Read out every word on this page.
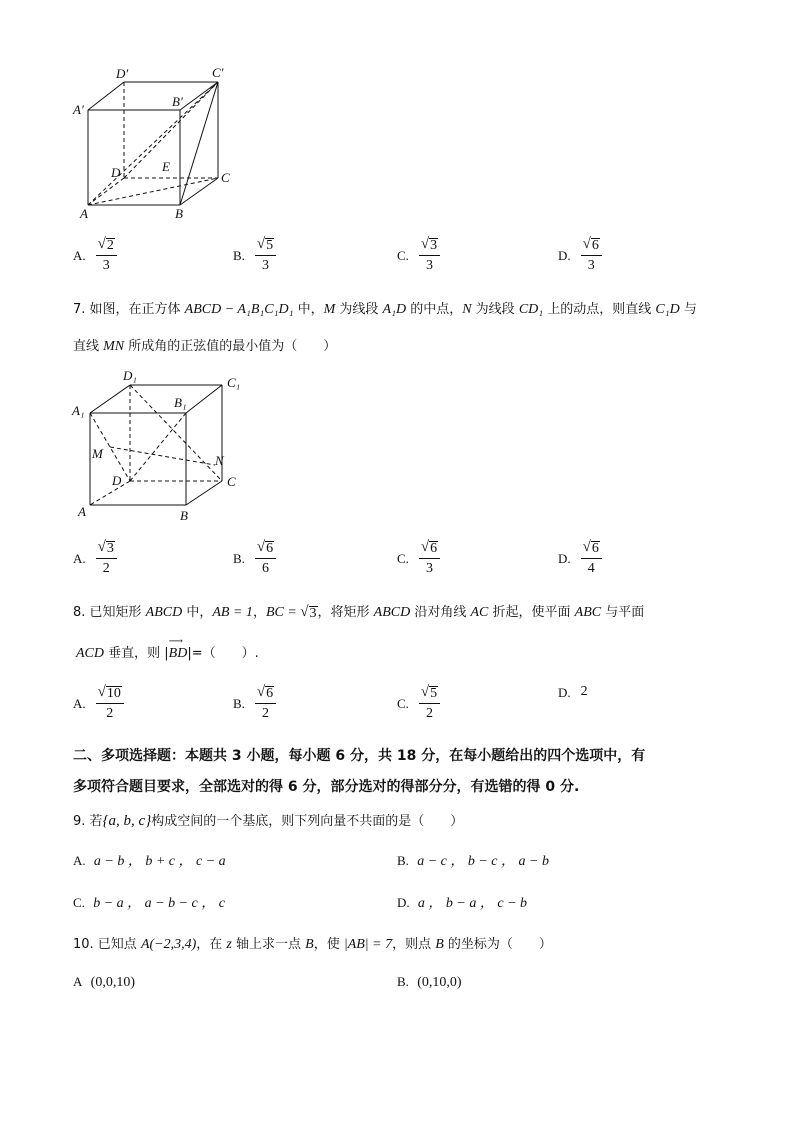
D′	C′
A′
B′
D	E
C
A	B
A. $\frac{√ 2}{3}$	B. $\frac{√ 5}{3}$	C. $\frac{√ 3}{3}$	D. $\frac{√ 6}{3}$
7. 如图，在正方体 ABCD − A₁B₁C₁D₁ 中，M 为线段 A₁D 的中点，N 为线段 CD₁ 上的动点，则直线 C₁D 与
直线 MN 所成角的正弦值的最小值为（　　）
D₁	C₁
A₁
B₁
M	N
D	C
A	B
A. $\frac{√ 3}{2}$	B. $\frac{√ 6}{6}$	C. $\frac{√ 6}{3}$	D. $\frac{√ 6}{4}$
8. 已知矩形 ABCD 中，AB = 1，BC = √ 3 ，将矩形 ABCD 沿对角线 AC 折起，使平面 ABC 与平面
ACD 垂直，则 |
⟶
BD|=（　　）.
A. $\frac{√ 10}{2}$	B. $\frac{√ 6}{2}$	C. $\frac{√ 5}{2}$	D. 2
二、多项选择题：本题共 3 小题，每小题 6 分，共 18 分，在每小题给出的四个选项中，有
多项符合题目要求，全部选对的得 6 分，部分选对的得部分分，有选错的得 0 分.
9. 若{a, b, c}构成空间的一个基底，则下列向量不共面的是（　　）
A. a − b ， b + c ， c − a	B. a − c ， b − c ， a − b
C. b − a ， a − b − c ， c	D. a ， b − a ， c − b
10. 已知点 A(−2,3,4)，在 z 轴上求一点 B，使 |AB| = 7，则点 B 的坐标为（　　）
A (0,0,10)	B. (0,10,0)
